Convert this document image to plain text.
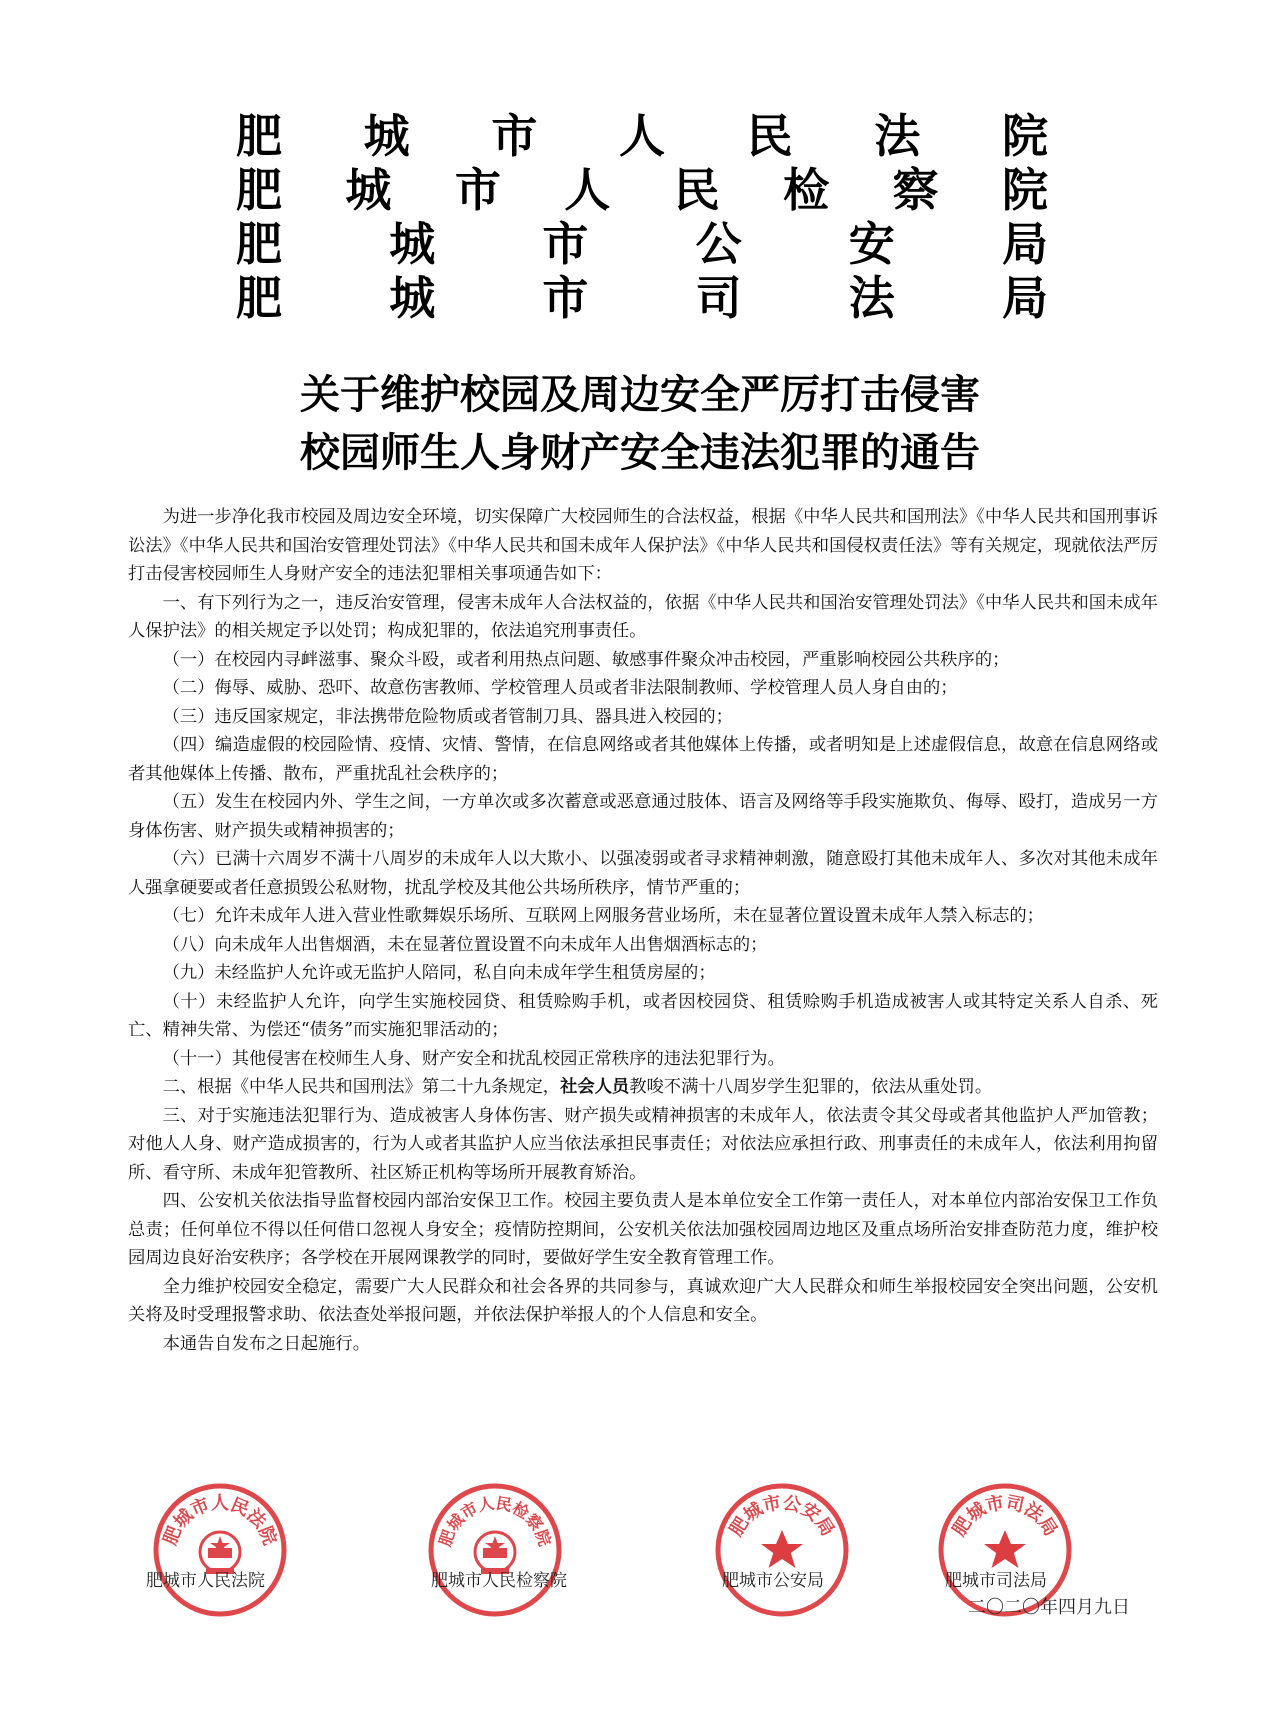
肥 城 市 人 民 法 院
肥 城 市 人 民 检 察 院
肥 城 市 公 安 局
肥 城 市 司 法 局
关于维护校园及周边安全严厉打击侵害
校园师生人身财产安全违法犯罪的通告

为进一步净化我市校园及周边安全环境，切实保障广大校园师生的合法权益，根据《中华人民共和国刑法》《中华人民共和国刑事诉讼法》《中华人民共和国治安管理处罚法》《中华人民共和国未成年人保护法》《中华人民共和国侵权责任法》等有关规定，现就依法严厉打击侵害校园师生人身财产安全的违法犯罪相关事项通告如下：

一、有下列行为之一，违反治安管理，侵害未成年人合法权益的，依据《中华人民共和国治安管理处罚法》《中华人民共和国未成年人保护法》的相关规定予以处罚；构成犯罪的，依法追究刑事责任。

（一）在校园内寻衅滋事、聚众斗殴，或者利用热点问题、敏感事件聚众冲击校园，严重影响校园公共秩序的；

（二）侮辱、威胁、恐吓、故意伤害教师、学校管理人员或者非法限制教师、学校管理人员人身自由的；

（三）违反国家规定，非法携带危险物质或者管制刀具、器具进入校园的；

（四）编造虚假的校园险情、疫情、灾情、警情，在信息网络或者其他媒体上传播，或者明知是上述虚假信息，故意在信息网络或者其他媒体上传播、散布，严重扰乱社会秩序的；

（五）发生在校园内外、学生之间，一方单次或多次蓄意或恶意通过肢体、语言及网络等手段实施欺负、侮辱、殴打，造成另一方身体伤害、财产损失或精神损害的；

（六）已满十六周岁不满十八周岁的未成年人以大欺小、以强凌弱或者寻求精神刺激，随意殴打其他未成年人、多次对其他未成年人强拿硬要或者任意损毁公私财物，扰乱学校及其他公共场所秩序，情节严重的；

（七）允许未成年人进入营业性歌舞娱乐场所、互联网上网服务营业场所，未在显著位置设置未成年人禁入标志的；

（八）向未成年人出售烟酒，未在显著位置设置不向未成年人出售烟酒标志的；

（九）未经监护人允许或无监护人陪同，私自向未成年学生租赁房屋的；

（十）未经监护人允许，向学生实施校园贷、租赁赊购手机，或者因校园贷、租赁赊购手机造成被害人或其特定关系人自杀、死亡、精神失常、为偿还“债务”而实施犯罪活动的；

（十一）其他侵害在校师生人身、财产安全和扰乱校园正常秩序的违法犯罪行为。

二、根据《中华人民共和国刑法》第二十九条规定，社会人员教唆不满十八周岁学生犯罪的，依法从重处罚。

三、对于实施违法犯罪行为、造成被害人身体伤害、财产损失或精神损害的未成年人，依法责令其父母或者其他监护人严加管教；对他人人身、财产造成损害的，行为人或者其监护人应当依法承担民事责任；对依法应承担行政、刑事责任的未成年人，依法利用拘留所、看守所、未成年犯管教所、社区矫正机构等场所开展教育矫治。

四、公安机关依法指导监督校园内部治安保卫工作。校园主要负责人是本单位安全工作第一责任人，对本单位内部治安保卫工作负总责；任何单位不得以任何借口忽视人身安全；疫情防控期间，公安机关依法加强校园周边地区及重点场所治安排查防范力度，维护校园周边良好治安秩序；各学校在开展网课教学的同时，要做好学生安全教育管理工作。

全力维护校园安全稳定，需要广大人民群众和社会各界的共同参与，真诚欢迎广大人民群众和师生举报校园安全突出问题，公安机关将及时受理报警求助、依法查处举报问题，并依法保护举报人的个人信息和安全。

本通告自发布之日起施行。

肥城市人民法院
肥城市人民法院
肥城市人民检察院
肥城市人民检察院
肥城市公安局
肥城市公安局
肥城市司法局
肥城市司法局
二〇二〇年四月九日
